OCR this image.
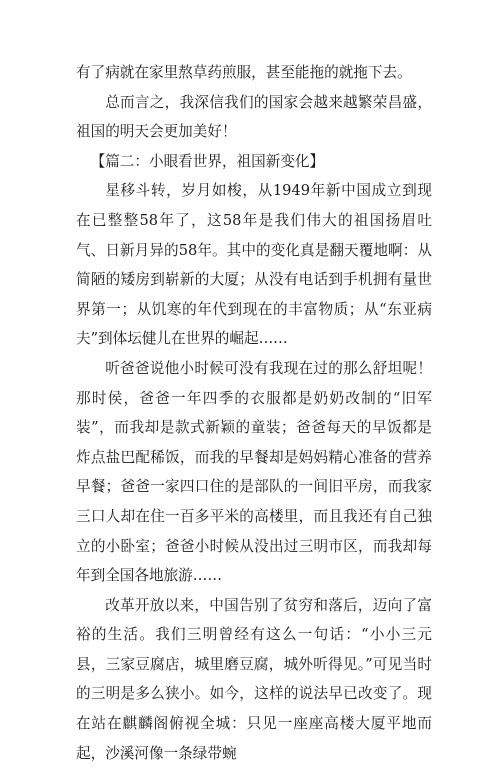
有了病就在家里熬草药煎服，甚至能拖的就拖下去。

总而言之，我深信我们的国家会越来越繁荣昌盛，祖国的明天会更加美好！

【篇二：小眼看世界，祖国新变化】

星移斗转，岁月如梭，从1949年新中国成立到现在已整整58年了，这58年是我们伟大的祖国扬眉吐气、日新月异的58年。其中的变化真是翻天覆地啊：从简陋的矮房到崭新的大厦；从没有电话到手机拥有量世界第一；从饥寒的年代到现在的丰富物质；从“东亚病夫”到体坛健儿在世界的崛起……

听爸爸说他小时候可没有我现在过的那么舒坦呢！那时侯，爸爸一年四季的衣服都是奶奶改制的“旧军装”，而我却是款式新颖的童装；爸爸每天的早饭都是炸点盐巴配稀饭，而我的早餐却是妈妈精心准备的营养早餐；爸爸一家四口住的是部队的一间旧平房，而我家三口人却在住一百多平米的高楼里，而且我还有自己独立的小卧室；爸爸小时候从没出过三明市区，而我却每年到全国各地旅游……

改革开放以来，中国告别了贫穷和落后，迈向了富裕的生活。我们三明曾经有这么一句话：“小小三元县，三家豆腐店，城里磨豆腐，城外听得见。”可见当时的三明是多么狭小。如今，这样的说法早已改变了。现在站在麒麟阁俯视全城：只见一座座高楼大厦平地而起，沙溪河像一条绿带蜿
